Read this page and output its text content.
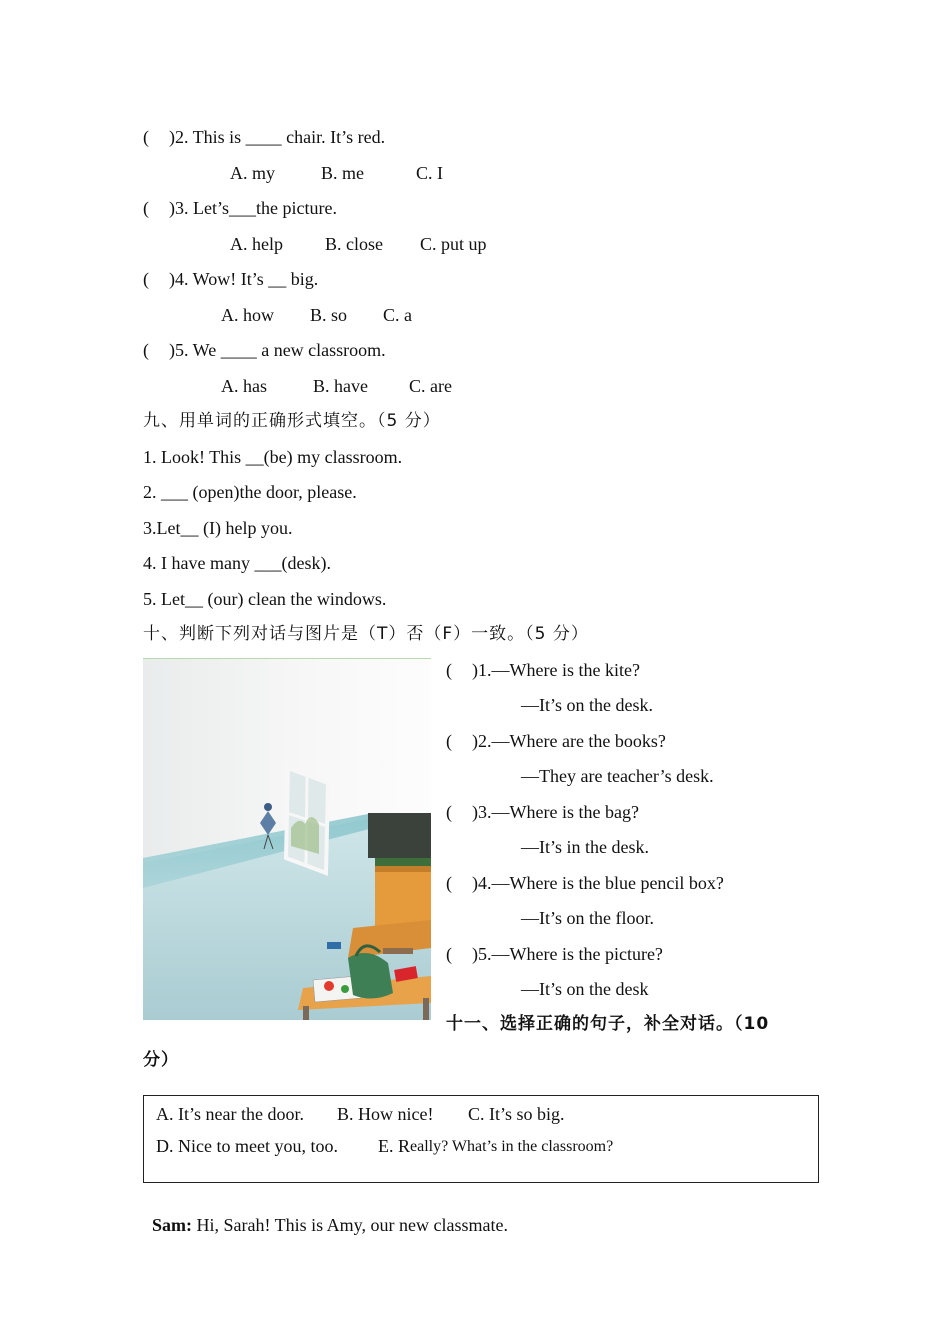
( )2. This is ____ chair. It’s red.
A. my	B. me	C. I
( )3. Let’s___the picture.
A. help B. close C. put up
( )4. Wow! It’s __ big.
A. how B. so C. a
( )5. We ____ a new classroom.
A. has	B. have C. are
九、用单词的正确形式填空。（5 分）
1. Look! This __(be) my classroom.
2. ___ (open)the door, please.
3.Let__ (I) help you.
4. I have many ___(desk).
5. Let__ (our) clean the windows.
十、判断下列对话与图片是（T）否（F）一致。（5 分）
( )1.—Where is the kite?
—It’s on the desk.
( )2.—Where are the books?
—They are teacher’s desk.
( )3.—Where is the bag?
—It’s in the desk.
( )4.—Where is the blue pencil box?
—It’s on the floor.
( )5.—Where is the picture?
—It’s on the desk
十一、选择正确的句子，补全对话。（10
分）
A. It’s near the door. B. How nice! C. It’s so big.
D. Nice to meet you, too. E. R eally? What’s in the classroom?

Sam: Hi, Sarah! This is Amy, our new classmate.
